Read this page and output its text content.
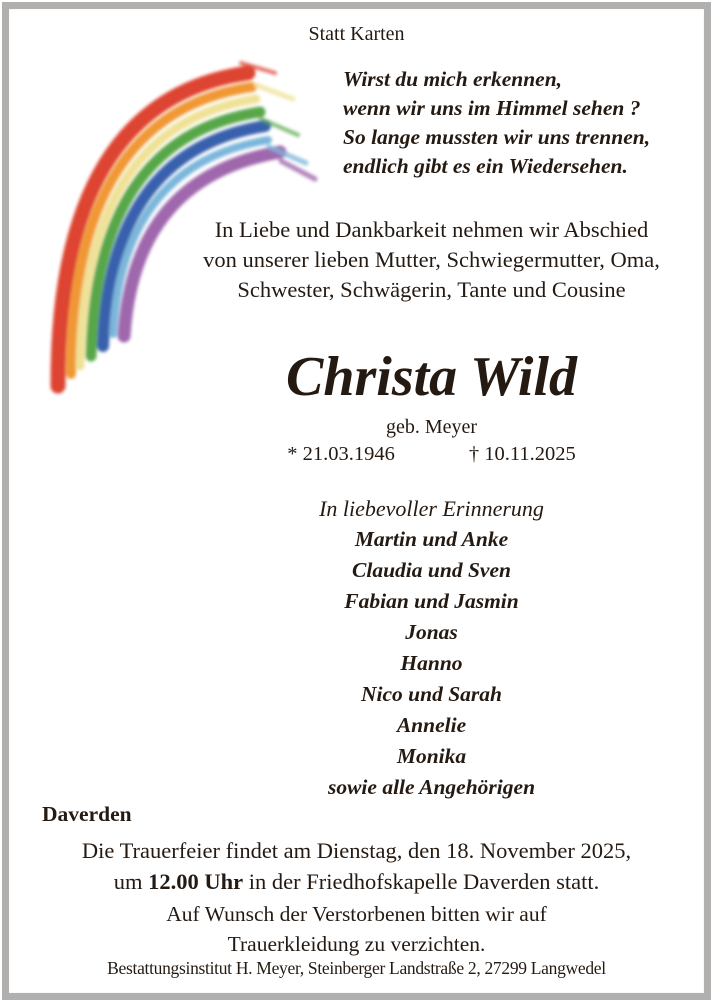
Statt Karten
Wirst du mich erkennen,
wenn wir uns im Himmel sehen ?
So lange mussten wir uns trennen,
endlich gibt es ein Wiedersehen.
In Liebe und Dankbarkeit nehmen wir Abschied
von unserer lieben Mutter, Schwiegermutter, Oma,
Schwester, Schwägerin, Tante und Cousine
Christa Wild
geb. Meyer
* 21.03.1946	† 10.11.2025
In liebevoller Erinnerung
Martin und Anke
Claudia und Sven
Fabian und Jasmin
Jonas
Hanno
Nico und Sarah
Annelie
Monika
sowie alle Angehörigen
Daverden
Die Trauerfeier findet am Dienstag, den 18. November 2025,
um 12.00 Uhr in der Friedhofskapelle Daverden statt.
Auf Wunsch der Verstorbenen bitten wir auf
Trauerkleidung zu verzichten.
Bestattungsinstitut H. Meyer, Steinberger Landstraße 2, 27299 Langwedel
